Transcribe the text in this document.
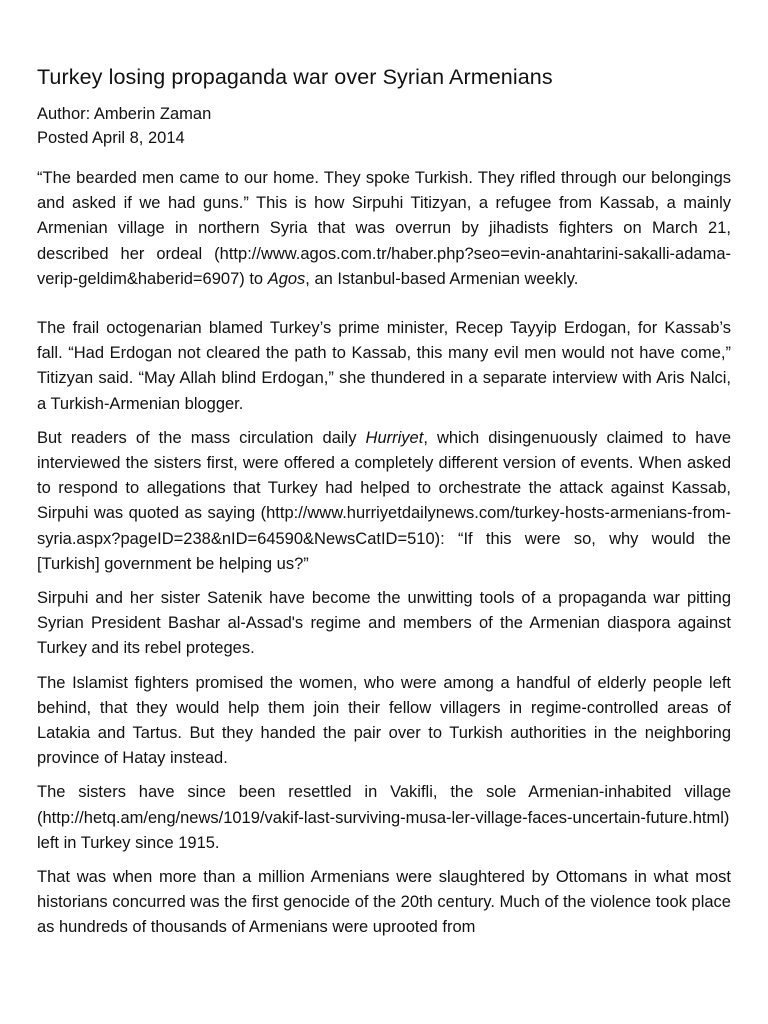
Turkey losing propaganda war over Syrian Armenians

Author: Amberin Zaman

Posted April 8, 2014

“The bearded men came to our home. They spoke Turkish. They rifled through our belongings and asked if we had guns.” This is how Sirpuhi Titizyan, a refugee from Kassab, a mainly Armenian village in northern Syria that was overrun by jihadists fighters on March 21, described her ordeal (http://www.agos.com.tr/haber.php?seo=evin-anahtarini-sakalli-adama-verip-geldim&haberid=6907) to Agos, an Istanbul-based Armenian weekly.

The frail octogenarian blamed Turkey’s prime minister, Recep Tayyip Erdogan, for Kassab’s fall. “Had Erdogan not cleared the path to Kassab, this many evil men would not have come,” Titizyan said. “May Allah blind Erdogan,” she thundered in a separate interview with Aris Nalci, a Turkish-Armenian blogger.

But readers of the mass circulation daily Hurriyet, which disingenuously claimed to have interviewed the sisters first, were offered a completely different version of events. When asked to respond to allegations that Turkey had helped to orchestrate the attack against Kassab, Sirpuhi was quoted as saying (http://www.hurriyetdailynews.com/turkey-hosts-armenians-from-syria.aspx?pageID=238&nID=64590&NewsCatID=510): “If this were so, why would the [Turkish] government be helping us?”

Sirpuhi and her sister Satenik have become the unwitting tools of a propaganda war pitting Syrian President Bashar al-Assad's regime and members of the Armenian diaspora against Turkey and its rebel proteges.

The Islamist fighters promised the women, who were among a handful of elderly people left behind, that they would help them join their fellow villagers in regime-controlled areas of Latakia and Tartus. But they handed the pair over to Turkish authorities in the neighboring province of Hatay instead.

The sisters have since been resettled in Vakifli, the sole Armenian-inhabited village (http://hetq.am/eng/news/1019/vakif-last-surviving-musa-ler-village-faces-uncertain-future.html) left in Turkey since 1915.

That was when more than a million Armenians were slaughtered by Ottomans in what most historians concurred was the first genocide of the 20th century. Much of the violence took place as hundreds of thousands of Armenians were uprooted from
